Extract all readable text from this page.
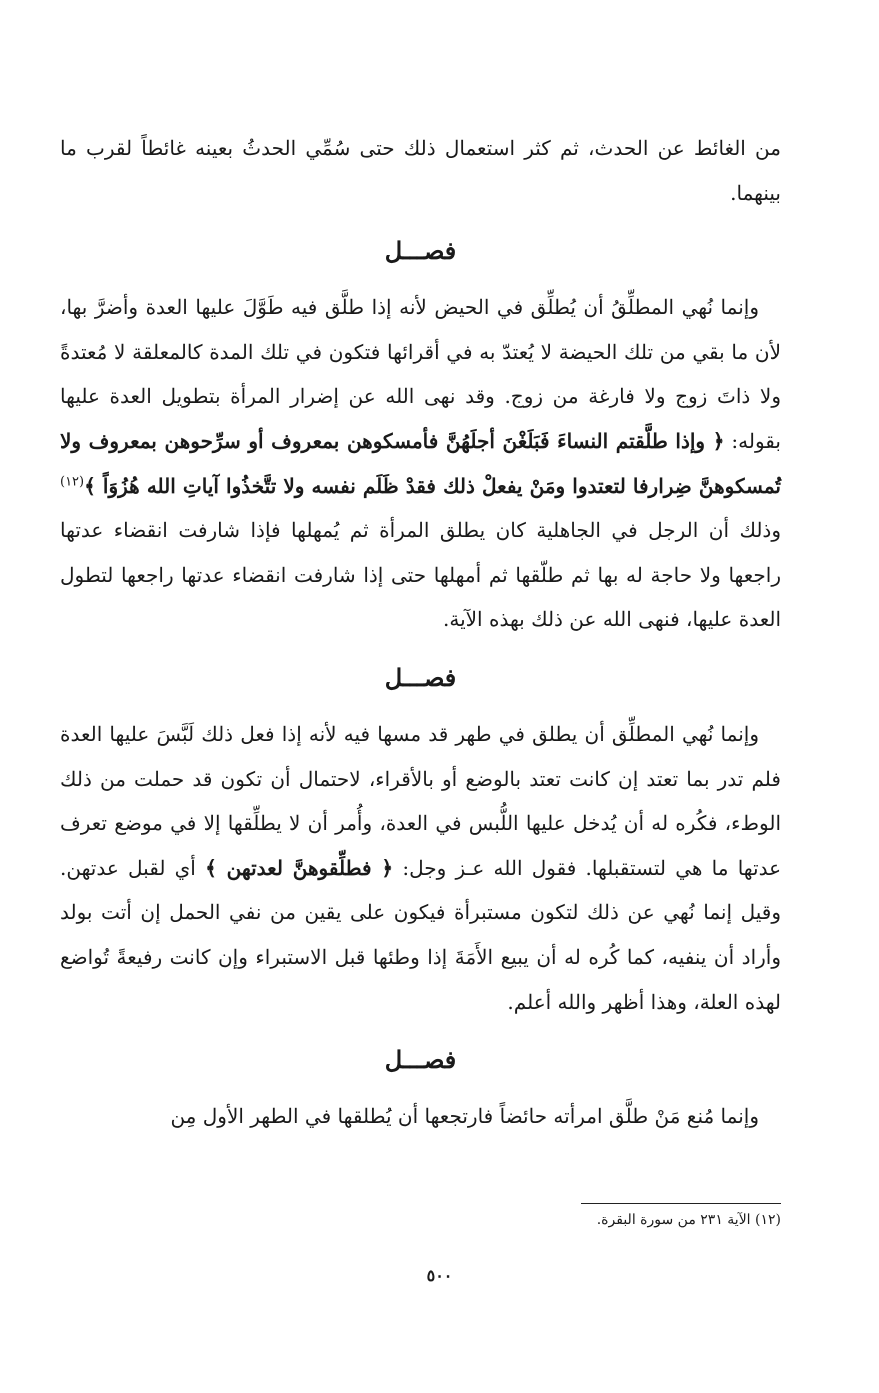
من الغائط عن الحدث، ثم كثر استعمال ذلك حتى سُمِّي الحدثُ بعينه غائطاً لقرب ما بينهما.

فصـــل

وإنما نُهي المطلِّقُ أن يُطلِّق في الحيض لأنه إذا طلَّق فيه طَوَّلَ عليها العدة وأضرَّ بها، لأن ما بقي من تلك الحيضة لا يُعتدّ به في أقرائها فتكون في تلك المدة كالمعلقة لا مُعتدةً ولا ذاتَ زوج ولا فارغة من زوج. وقد نهى الله عن إضرار المرأة بتطويل العدة عليها بقوله: ﴿ وإذا طلَّقتم النساءَ فَبَلَغْنَ أجلَهُنَّ فأمسكوهن بمعروف أو سرِّحوهن بمعروف ولا تُمسكوهنَّ ضِرارفا لتعتدوا ومَنْ يفعلْ ذلك فقدْ ظَلَم نفسه ولا تتَّخذُوا آياتِ الله هُزُوَاً ﴾$^{(١٢)}$ وذلك أن الرجل في الجاهلية كان يطلق المرأة ثم يُمهلها فإذا شارفت انقضاء عدتها راجعها ولا حاجة له بها ثم طلّقها ثم أمهلها حتى إذا شارفت انقضاء عدتها راجعها لتطول العدة عليها، فنهى الله عن ذلك بهذه الآية.

فصـــل

وإنما نُهي المطلِّق أن يطلق في طهر قد مسها فيه لأنه إذا فعل ذلك لَبَّسَ عليها العدة فلم تدر بما تعتد إن كانت تعتد بالوضع أو بالأقراء، لاحتمال أن تكون قد حملت من ذلك الوطء، فكُره له أن يُدخل عليها اللُّبس في العدة، وأُمر أن لا يطلِّقها إلا في موضع تعرف عدتها ما هي لتستقبلها. فقول الله عـز وجل: ﴿ فطلِّقوهنَّ لعدتهن ﴾ أي لقبل عدتهن. وقيل إنما نُهي عن ذلك لتكون مستبرأة فيكون على يقين من نفي الحمل إن أتت بولد وأراد أن ينفيه، كما كُره له أن يبيع الأَمَةَ إذا وطئها قبل الاستبراء وإن كانت رفيعةً تُواضع لهذه العلة، وهذا أظهر والله أعلم.

فصـــل

وإنما مُنع مَنْ طلَّق امرأته حائضاً فارتجعها أن يُطلقها في الطهر الأول مِن

(١٢) الآية ٢٣١ من سورة البقرة.
٥٠٠
